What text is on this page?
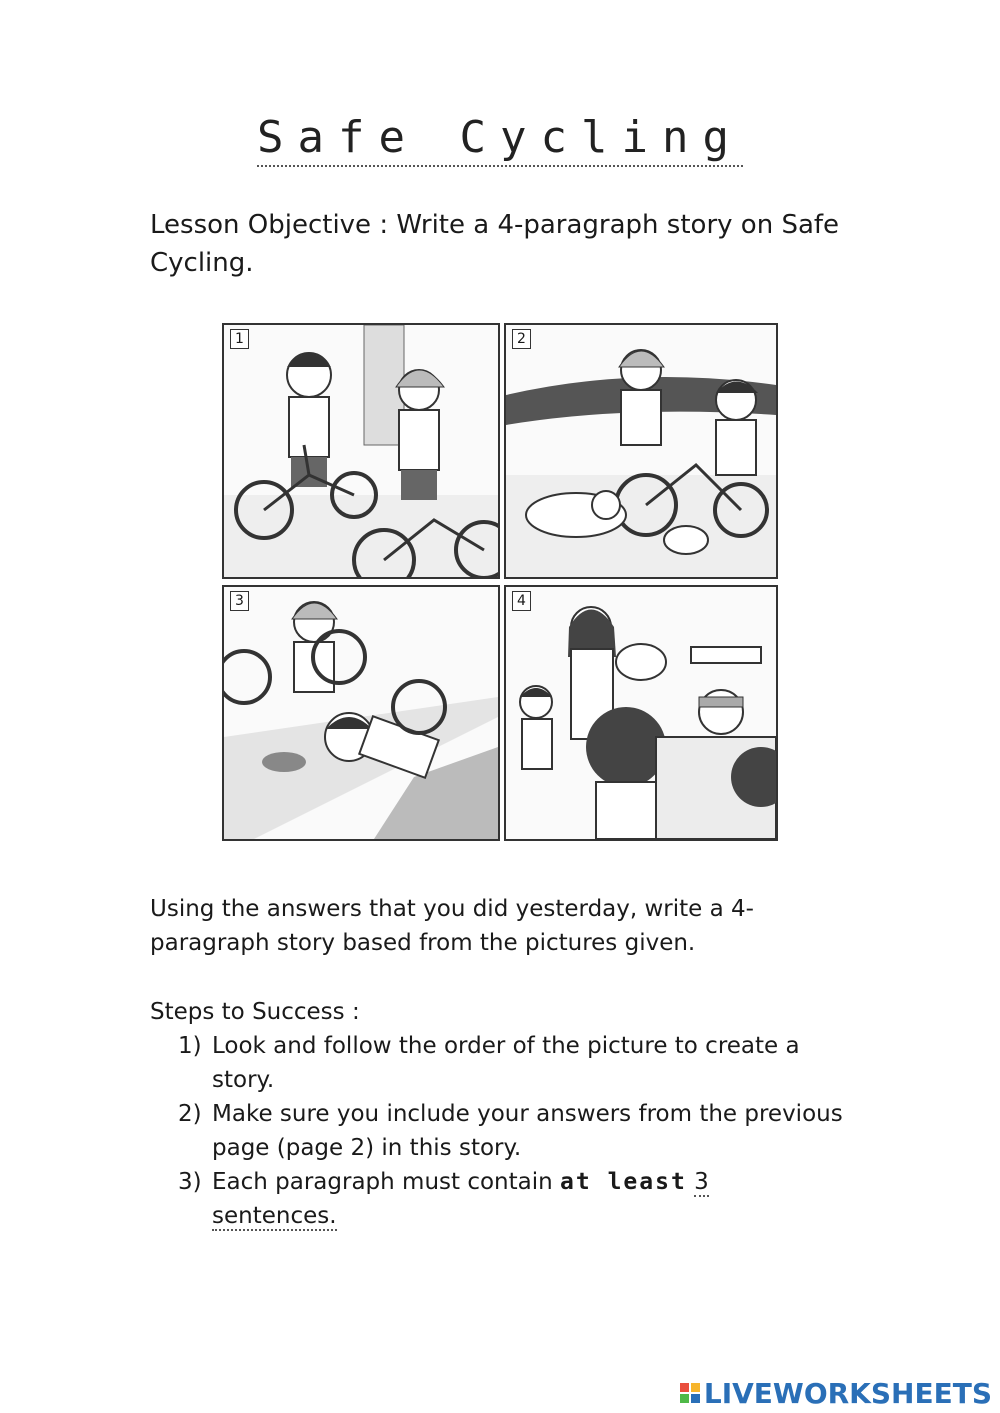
Safe Cycling
Lesson Objective : Write a 4-paragraph story on Safe Cycling.
1	2
3	4
Using the answers that you did yesterday, write a 4-paragraph story based from the pictures given.
Steps to Success :
1) Look and follow the order of the picture to create a story.
2) Make sure you include your answers from the previous page (page 2) in this story.
3) Each paragraph must contain at least 3
sentences.
LIVEWORKSHEETS
